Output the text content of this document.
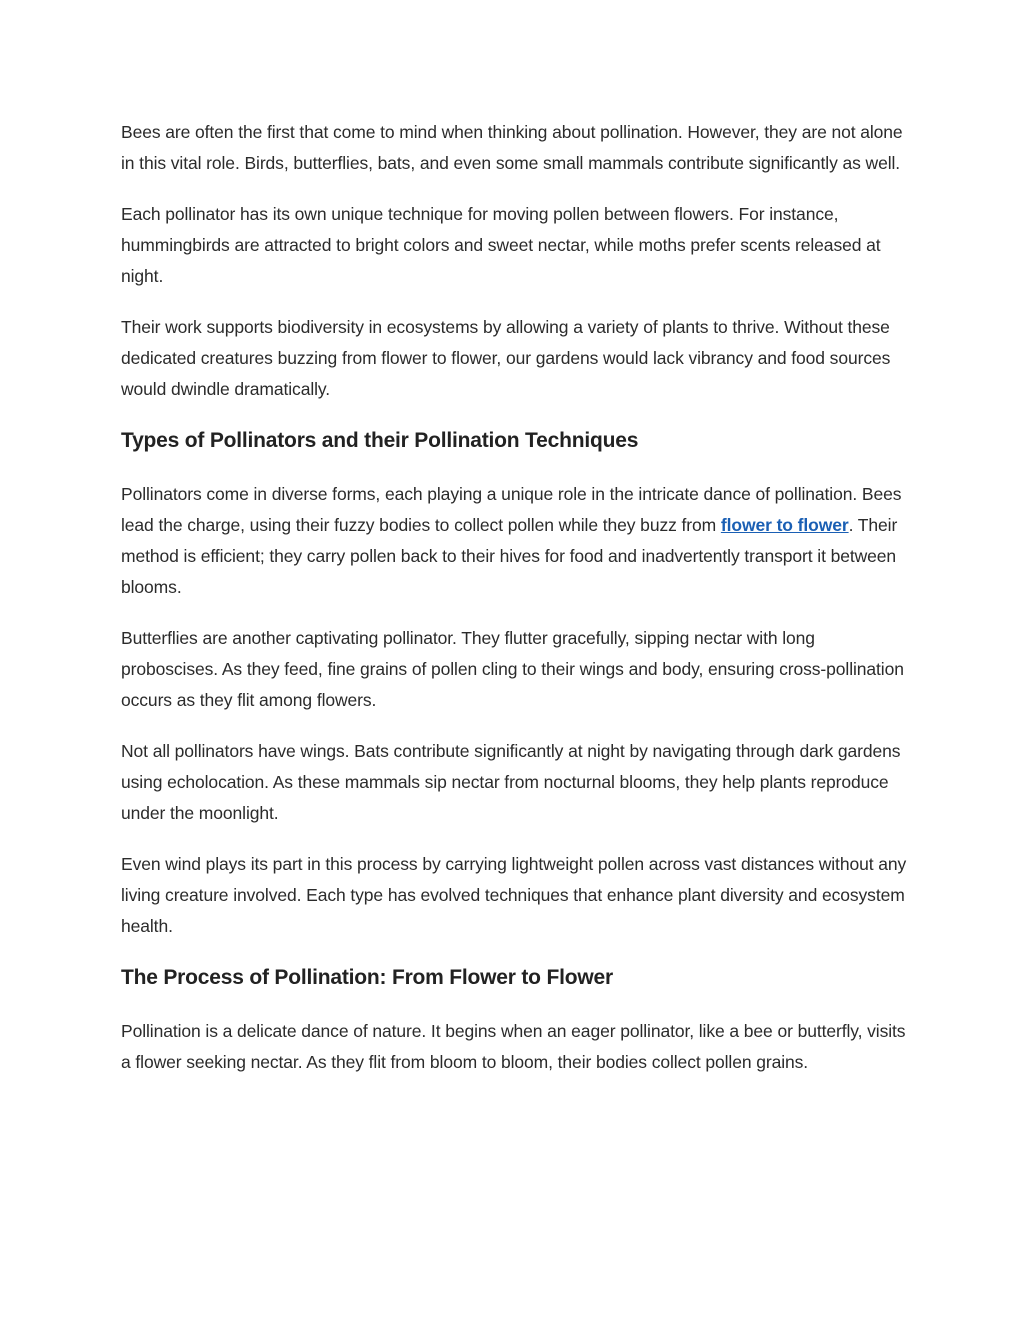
Bees are often the first that come to mind when thinking about pollination. However, they are not alone in this vital role. Birds, butterflies, bats, and even some small mammals contribute significantly as well.

Each pollinator has its own unique technique for moving pollen between flowers. For instance, hummingbirds are attracted to bright colors and sweet nectar, while moths prefer scents released at night.

Their work supports biodiversity in ecosystems by allowing a variety of plants to thrive. Without these dedicated creatures buzzing from flower to flower, our gardens would lack vibrancy and food sources would dwindle dramatically.

Types of Pollinators and their Pollination Techniques

Pollinators come in diverse forms, each playing a unique role in the intricate dance of pollination. Bees lead the charge, using their fuzzy bodies to collect pollen while they buzz from flower to flower. Their method is efficient; they carry pollen back to their hives for food and inadvertently transport it between blooms.

Butterflies are another captivating pollinator. They flutter gracefully, sipping nectar with long proboscises. As they feed, fine grains of pollen cling to their wings and body, ensuring cross-pollination occurs as they flit among flowers.

Not all pollinators have wings. Bats contribute significantly at night by navigating through dark gardens using echolocation. As these mammals sip nectar from nocturnal blooms, they help plants reproduce under the moonlight.

Even wind plays its part in this process by carrying lightweight pollen across vast distances without any living creature involved. Each type has evolved techniques that enhance plant diversity and ecosystem health.

The Process of Pollination: From Flower to Flower

Pollination is a delicate dance of nature. It begins when an eager pollinator, like a bee or butterfly, visits a flower seeking nectar. As they flit from bloom to bloom, their bodies collect pollen grains.
